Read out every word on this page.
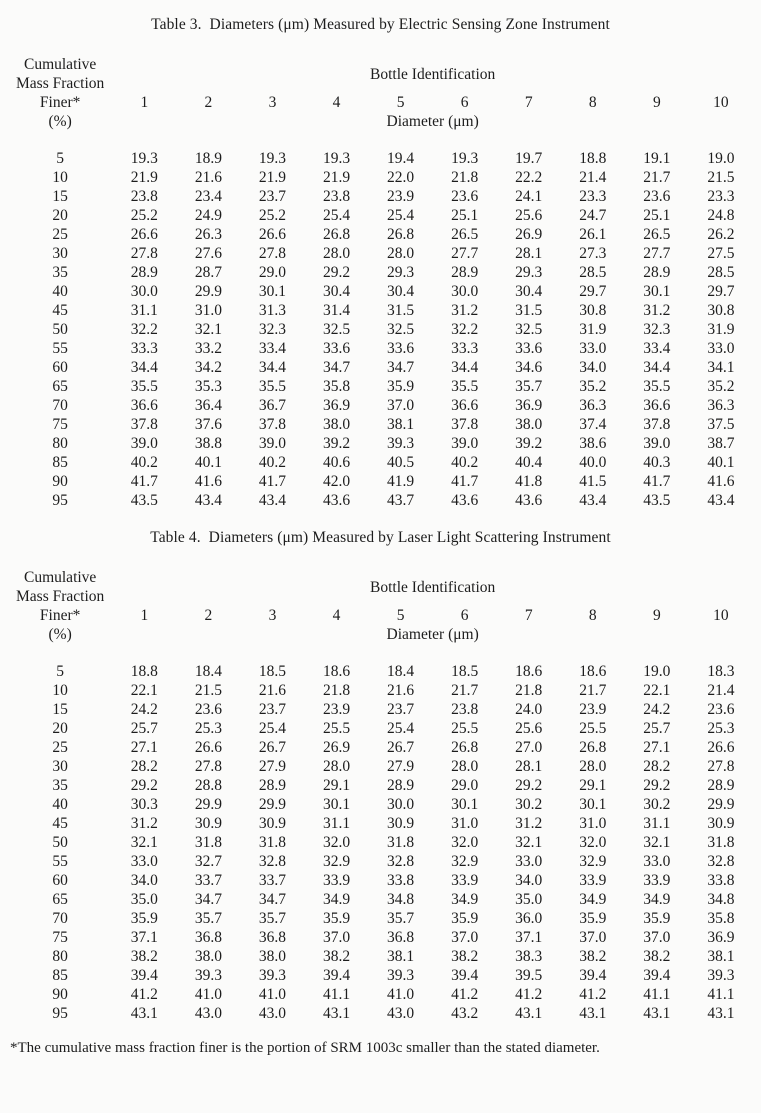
Table 3.  Diameters (μm) Measured by Electric Sensing Zone Instrument
Cumulative	Bottle Identification									
Mass Fraction										
Finer*	1	2	3	4	5	6	7	8	9	10
(%)	Diameter (μm)									
5	19.3	18.9	19.3	19.3	19.4	19.3	19.7	18.8	19.1	19.0
10	21.9	21.6	21.9	21.9	22.0	21.8	22.2	21.4	21.7	21.5
15	23.8	23.4	23.7	23.8	23.9	23.6	24.1	23.3	23.6	23.3
20	25.2	24.9	25.2	25.4	25.4	25.1	25.6	24.7	25.1	24.8
25	26.6	26.3	26.6	26.8	26.8	26.5	26.9	26.1	26.5	26.2
30	27.8	27.6	27.8	28.0	28.0	27.7	28.1	27.3	27.7	27.5
35	28.9	28.7	29.0	29.2	29.3	28.9	29.3	28.5	28.9	28.5
40	30.0	29.9	30.1	30.4	30.4	30.0	30.4	29.7	30.1	29.7
45	31.1	31.0	31.3	31.4	31.5	31.2	31.5	30.8	31.2	30.8
50	32.2	32.1	32.3	32.5	32.5	32.2	32.5	31.9	32.3	31.9
55	33.3	33.2	33.4	33.6	33.6	33.3	33.6	33.0	33.4	33.0
60	34.4	34.2	34.4	34.7	34.7	34.4	34.6	34.0	34.4	34.1
65	35.5	35.3	35.5	35.8	35.9	35.5	35.7	35.2	35.5	35.2
70	36.6	36.4	36.7	36.9	37.0	36.6	36.9	36.3	36.6	36.3
75	37.8	37.6	37.8	38.0	38.1	37.8	38.0	37.4	37.8	37.5
80	39.0	38.8	39.0	39.2	39.3	39.0	39.2	38.6	39.0	38.7
85	40.2	40.1	40.2	40.6	40.5	40.2	40.4	40.0	40.3	40.1
90	41.7	41.6	41.7	42.0	41.9	41.7	41.8	41.5	41.7	41.6
95	43.5	43.4	43.4	43.6	43.7	43.6	43.6	43.4	43.5	43.4
Table 4.  Diameters (μm) Measured by Laser Light Scattering Instrument
Cumulative	Bottle Identification									
Mass Fraction										
Finer*	1	2	3	4	5	6	7	8	9	10
(%)	Diameter (μm)									
5	18.8	18.4	18.5	18.6	18.4	18.5	18.6	18.6	19.0	18.3
10	22.1	21.5	21.6	21.8	21.6	21.7	21.8	21.7	22.1	21.4
15	24.2	23.6	23.7	23.9	23.7	23.8	24.0	23.9	24.2	23.6
20	25.7	25.3	25.4	25.5	25.4	25.5	25.6	25.5	25.7	25.3
25	27.1	26.6	26.7	26.9	26.7	26.8	27.0	26.8	27.1	26.6
30	28.2	27.8	27.9	28.0	27.9	28.0	28.1	28.0	28.2	27.8
35	29.2	28.8	28.9	29.1	28.9	29.0	29.2	29.1	29.2	28.9
40	30.3	29.9	29.9	30.1	30.0	30.1	30.2	30.1	30.2	29.9
45	31.2	30.9	30.9	31.1	30.9	31.0	31.2	31.0	31.1	30.9
50	32.1	31.8	31.8	32.0	31.8	32.0	32.1	32.0	32.1	31.8
55	33.0	32.7	32.8	32.9	32.8	32.9	33.0	32.9	33.0	32.8
60	34.0	33.7	33.7	33.9	33.8	33.9	34.0	33.9	33.9	33.8
65	35.0	34.7	34.7	34.9	34.8	34.9	35.0	34.9	34.9	34.8
70	35.9	35.7	35.7	35.9	35.7	35.9	36.0	35.9	35.9	35.8
75	37.1	36.8	36.8	37.0	36.8	37.0	37.1	37.0	37.0	36.9
80	38.2	38.0	38.0	38.2	38.1	38.2	38.3	38.2	38.2	38.1
85	39.4	39.3	39.3	39.4	39.3	39.4	39.5	39.4	39.4	39.3
90	41.2	41.0	41.0	41.1	41.0	41.2	41.2	41.2	41.1	41.1
95	43.1	43.0	43.0	43.1	43.0	43.2	43.1	43.1	43.1	43.1

*The cumulative mass fraction finer is the portion of SRM 1003c smaller than the stated diameter.
